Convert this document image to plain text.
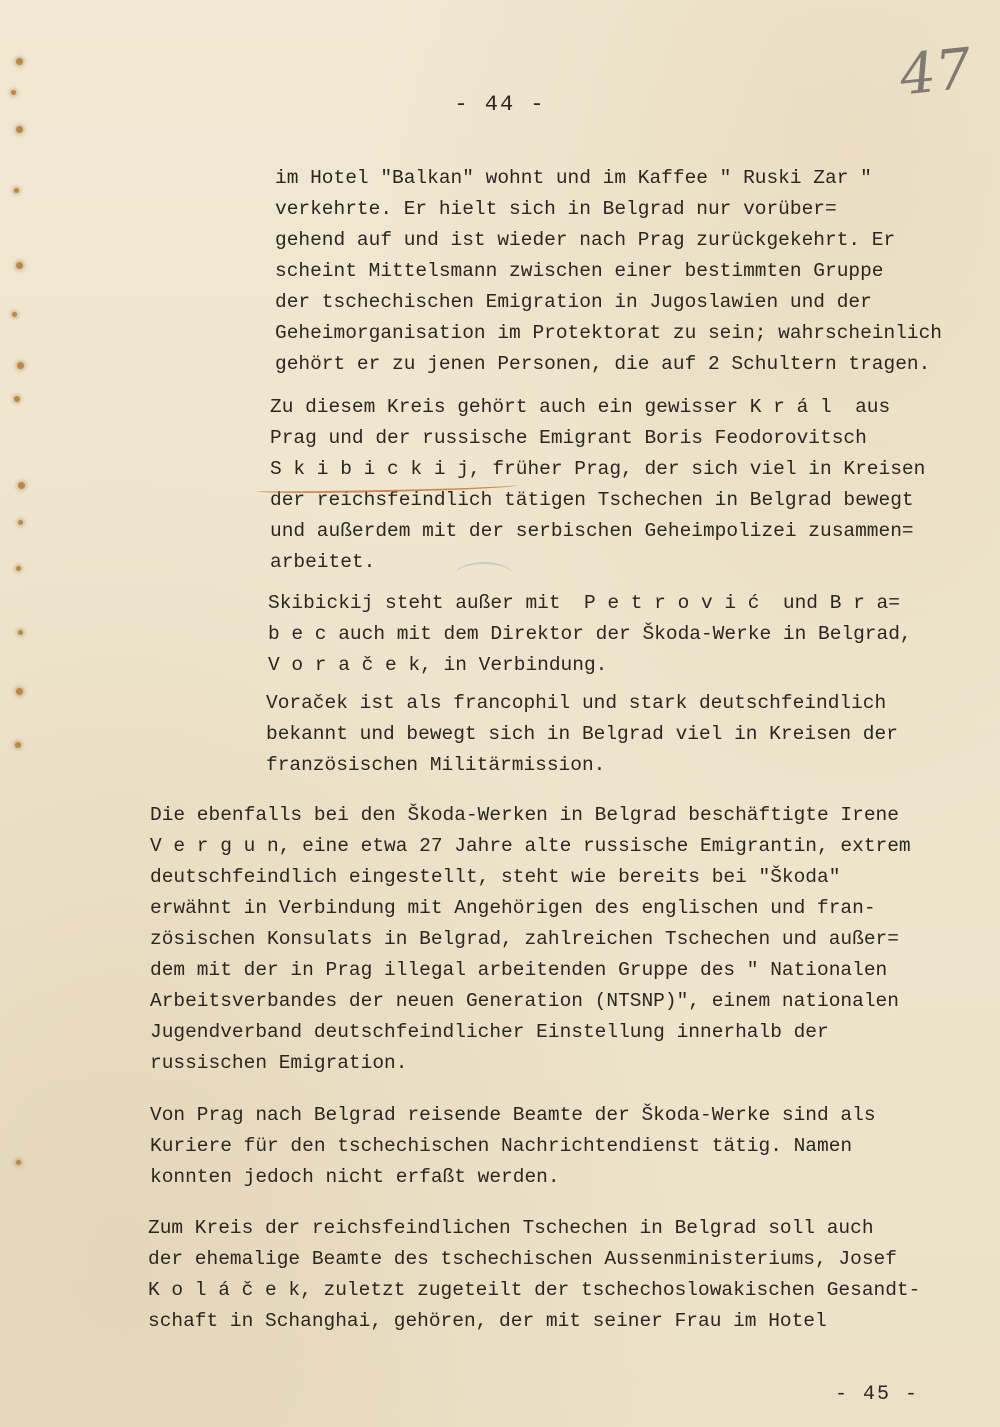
47
- 44 -

im Hotel "Balkan" wohnt und im Kaffee " Ruski Zar "
verkehrte. Er hielt sich in Belgrad nur vorüber=
gehend auf und ist wieder nach Prag zurückgekehrt. Er
scheint Mittelsmann zwischen einer bestimmten Gruppe
der tschechischen Emigration in Jugoslawien und der
Geheimorganisation im Protektorat zu sein; wahrscheinlich
gehört er zu jenen Personen, die auf 2 Schultern tragen.

Zu diesem Kreis gehört auch ein gewisser K r á l  aus
Prag und der russische Emigrant Boris Feodorovitsch
S k i b i c k i j, früher Prag, der sich viel in Kreisen
der reichsfeindlich tätigen Tschechen in Belgrad bewegt
und außerdem mit der serbischen Geheimpolizei zusammen=
arbeitet.

Skibickij steht außer mit  P e t r o v i ć  und B r a=
b e c auch mit dem Direktor der Škoda-Werke in Belgrad,
V o r a č e k, in Verbindung.

Voraček ist als francophil und stark deutschfeindlich
bekannt und bewegt sich in Belgrad viel in Kreisen der
französischen Militärmission.

Die ebenfalls bei den Škoda-Werken in Belgrad beschäftigte Irene
V e r g u n, eine etwa 27 Jahre alte russische Emigrantin, extrem
deutschfeindlich eingestellt, steht wie bereits bei "Škoda"
erwähnt in Verbindung mit Angehörigen des englischen und fran-
zösischen Konsulats in Belgrad, zahlreichen Tschechen und außer=
dem mit der in Prag illegal arbeitenden Gruppe des " Nationalen
Arbeitsverbandes der neuen Generation (NTSNP)", einem nationalen
Jugendverband deutschfeindlicher Einstellung innerhalb der
russischen Emigration.

Von Prag nach Belgrad reisende Beamte der Škoda-Werke sind als
Kuriere für den tschechischen Nachrichtendienst tätig. Namen
konnten jedoch nicht erfaßt werden.

Zum Kreis der reichsfeindlichen Tschechen in Belgrad soll auch
der ehemalige Beamte des tschechischen Aussenministeriums, Josef
K o l á č e k, zuletzt zugeteilt der tschechoslowakischen Gesandt-
schaft in Schanghai, gehören, der mit seiner Frau im Hotel

- 45 -
